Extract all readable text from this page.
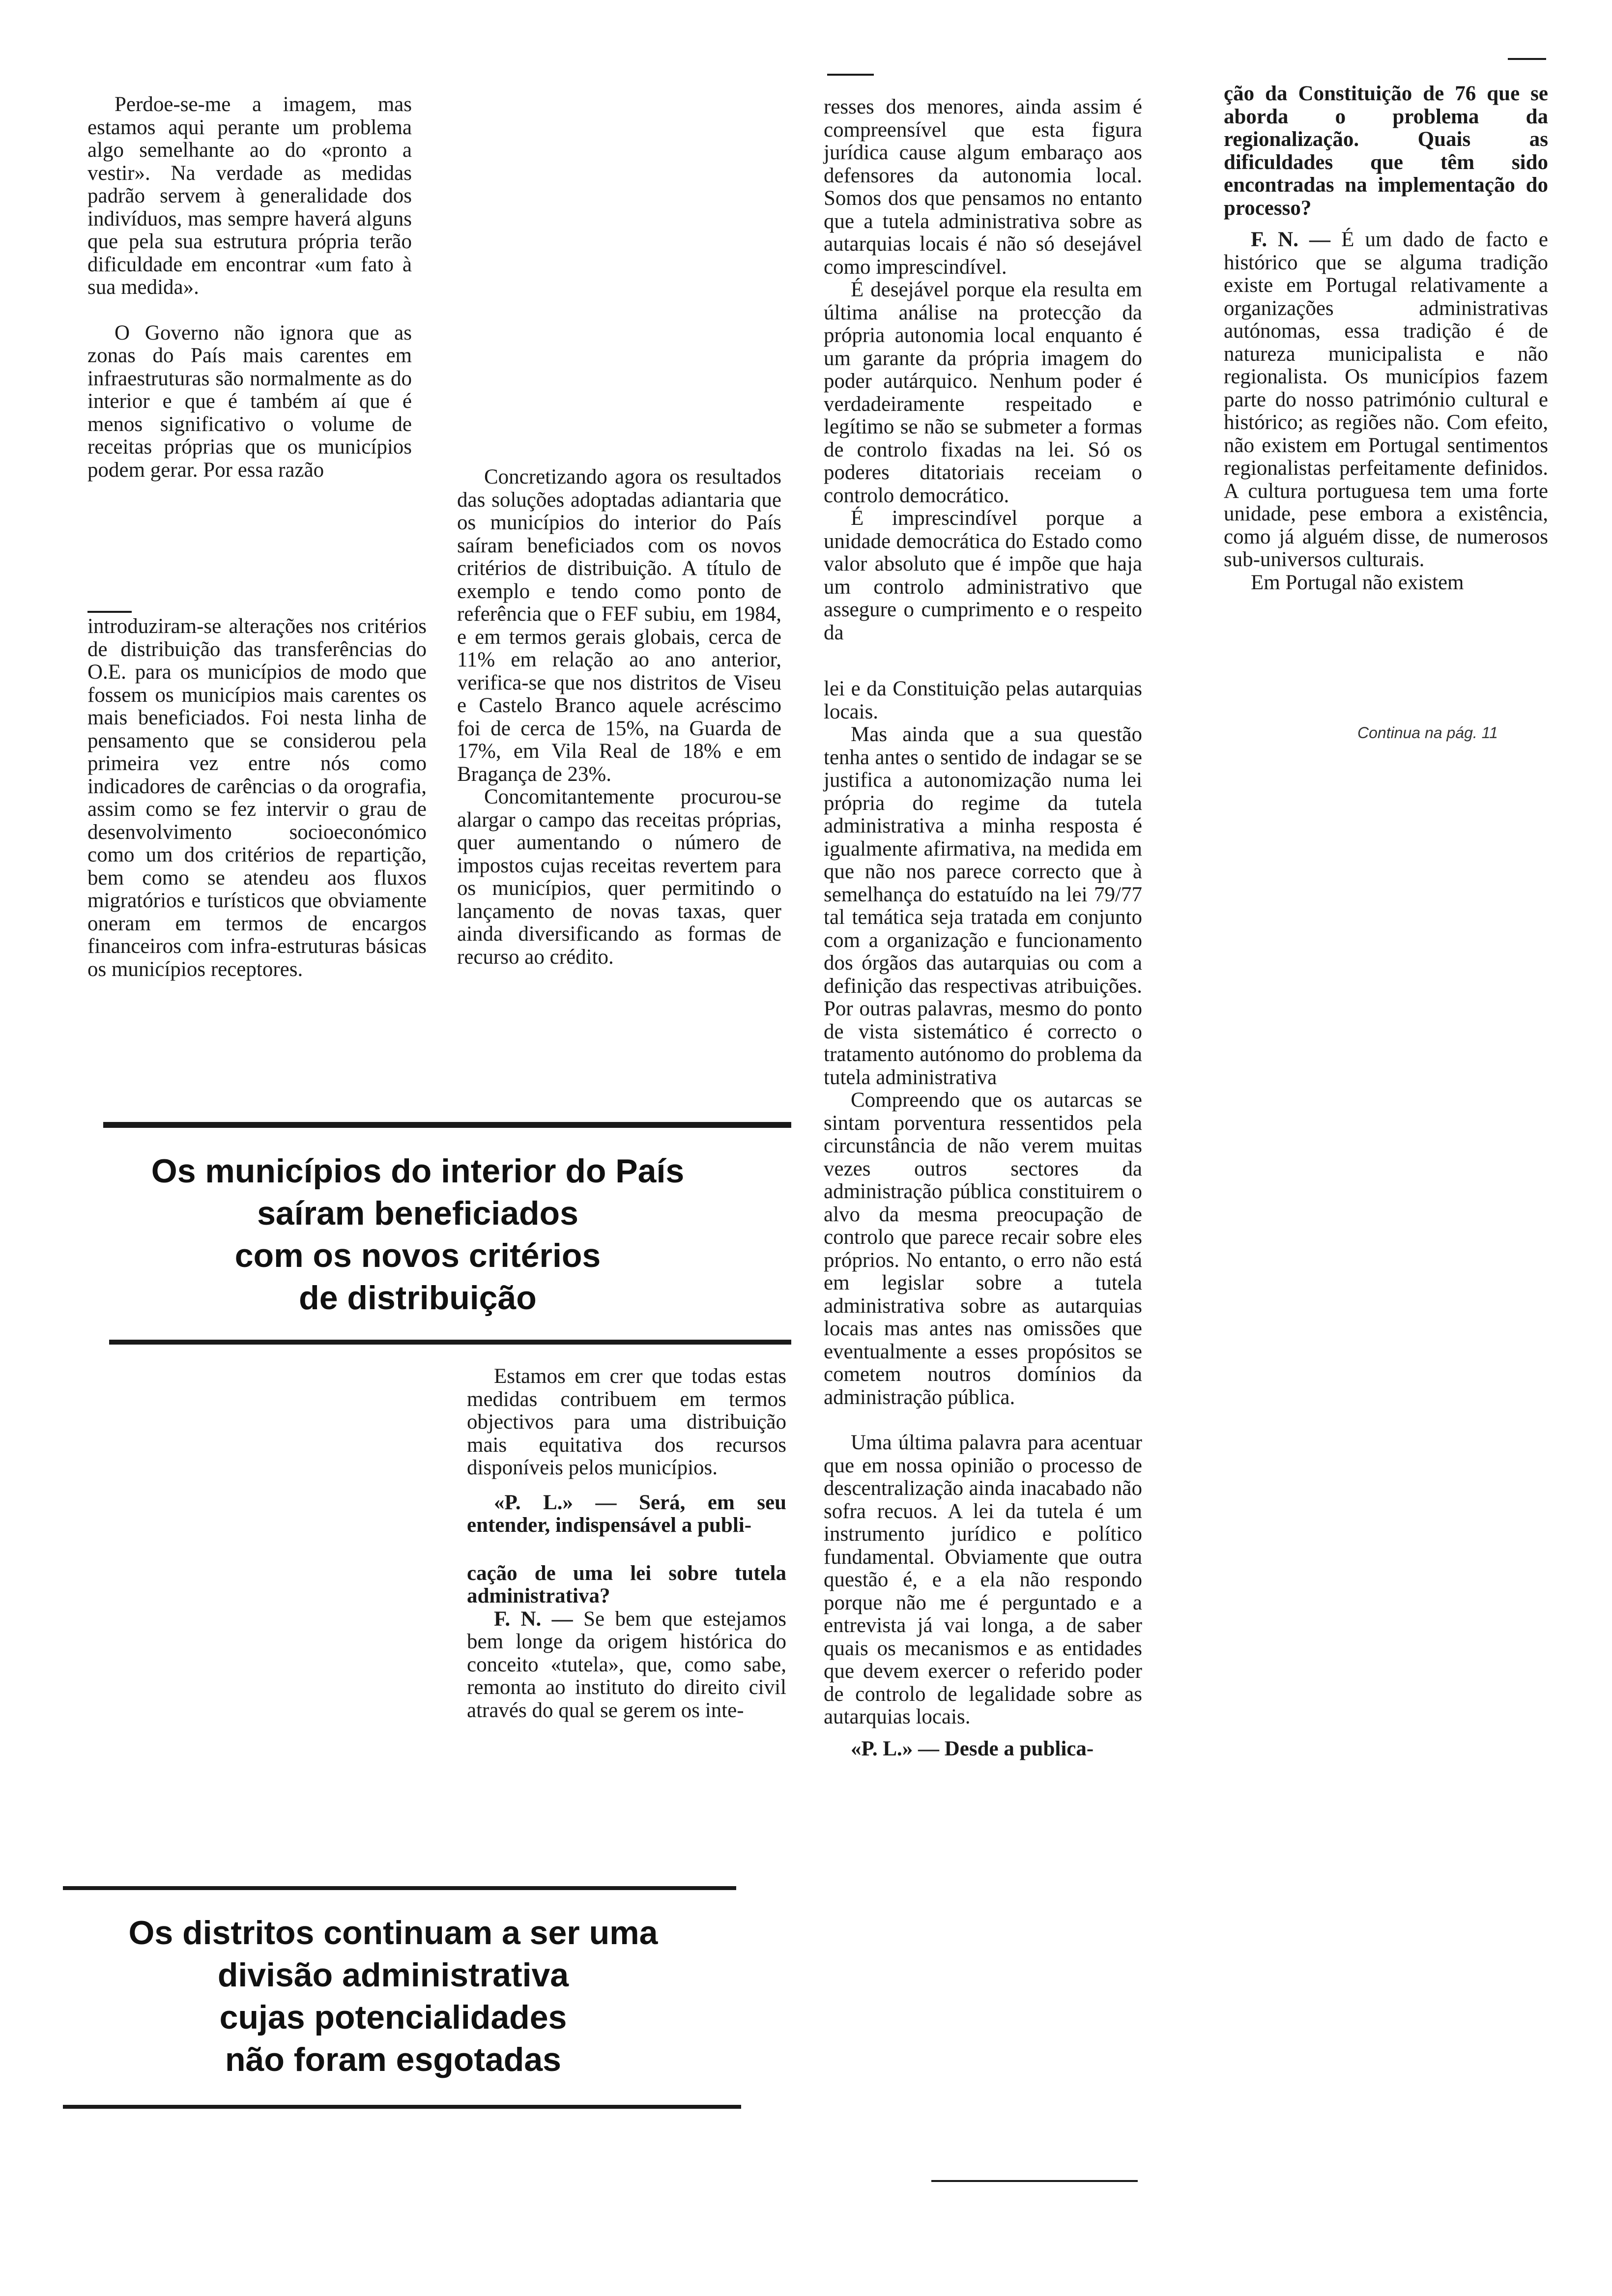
Perdoe-se-me a imagem, mas estamos aqui perante um problema algo semelhante ao do «pronto a vestir». Na verdade as medidas padrão servem à generalidade dos indivíduos, mas sempre haverá alguns que pela sua estrutura própria terão dificuldade em encontrar «um fato à sua medida».

O Governo não ignora que as zonas do País mais carentes em infraestruturas são normalmente as do interior e que é também aí que é menos significativo o volume de receitas próprias que os municípios podem gerar. Por essa razão

introduziram-se alterações nos critérios de distribuição das transferências do O.E. para os municípios de modo que fossem os municípios mais carentes os mais beneficiados. Foi nesta linha de pensamento que se considerou pela primeira vez entre nós como indicadores de carências o da orografia, assim como se fez intervir o grau de desenvolvimento socioeconómico como um dos critérios de repartição, bem como se atendeu aos fluxos migratórios e turísticos que obviamente oneram em termos de encargos financeiros com infra-estruturas básicas os municípios receptores.

Concretizando agora os resultados das soluções adoptadas adiantaria que os municípios do interior do País saíram beneficiados com os novos critérios de distribuição. A título de exemplo e tendo como ponto de referência que o FEF subiu, em 1984, e em termos gerais globais, cerca de 11% em relação ao ano anterior, verifica-se que nos distritos de Viseu e Castelo Branco aquele acréscimo foi de cerca de 15%, na Guarda de 17%, em Vila Real de 18% e em Bragança de 23%.

Concomitantemente procurou-se alargar o campo das receitas próprias, quer aumentando o número de impostos cujas receitas revertem para os municípios, quer permitindo o lançamento de novas taxas, quer ainda diversificando as formas de recurso ao crédito.

Os municípios do interior do País
saíram beneficiados
com os novos critérios
de distribuição

Estamos em crer que todas estas medidas contribuem em termos objectivos para uma distribuição mais equitativa dos recursos disponíveis pelos municípios.

«P. L.» — Será, em seu entender, indispensável a publi-

cação de uma lei sobre tutela administrativa?

F. N. — Se bem que estejamos bem longe da origem histórica do conceito «tutela», que, como sabe, remonta ao instituto do direito civil através do qual se gerem os inte-

Os distritos continuam a ser uma
divisão administrativa
cujas potencialidades
não foram esgotadas

resses dos menores, ainda assim é compreensível que esta figura jurídica cause algum embaraço aos defensores da autonomia local. Somos dos que pensamos no entanto que a tutela administrativa sobre as autarquias locais é não só desejável como imprescindível.

É desejável porque ela resulta em última análise na protecção da própria autonomia local enquanto é um garante da própria imagem do poder autárquico. Nenhum poder é verdadeiramente respeitado e legítimo se não se submeter a formas de controlo fixadas na lei. Só os poderes ditatoriais receiam o controlo democrático.

É imprescindível porque a unidade democrática do Estado como valor absoluto que é impõe que haja um controlo administrativo que assegure o cumprimento e o respeito da

lei e da Constituição pelas autarquias locais.

Mas ainda que a sua questão tenha antes o sentido de indagar se se justifica a autonomização numa lei própria do regime da tutela administrativa a minha resposta é igualmente afirmativa, na medida em que não nos parece correcto que à semelhança do estatuído na lei 79/77 tal temática seja tratada em conjunto com a organização e funcionamento dos órgãos das autarquias ou com a definição das respectivas atribuições. Por outras palavras, mesmo do ponto de vista sistemático é correcto o tratamento autónomo do problema da tutela administrativa

Compreendo que os autarcas se sintam porventura ressentidos pela circunstância de não verem muitas vezes outros sectores da administração pública constituirem o alvo da mesma preocupação de controlo que parece recair sobre eles próprios. No entanto, o erro não está em legislar sobre a tutela administrativa sobre as autarquias locais mas antes nas omissões que eventualmente a esses propósitos se cometem noutros domínios da administração pública.

Uma última palavra para acentuar que em nossa opinião o processo de descentralização ainda inacabado não sofra recuos. A lei da tutela é um instrumento jurídico e político fundamental. Obviamente que outra questão é, e a ela não respondo porque não me é perguntado e a entrevista já vai longa, a de saber quais os mecanismos e as entidades que devem exercer o referido poder de controlo de legalidade sobre as autarquias locais.

«P. L.» — Desde a publica-

ção da Constituição de 76 que se aborda o problema da regionalização. Quais as dificuldades que têm sido encontradas na implementação do processo?

F. N. — É um dado de facto e histórico que se alguma tradição existe em Portugal relativamente a organizações administrativas autónomas, essa tradição é de natureza municipalista e não regionalista. Os municípios fazem parte do nosso património cultural e histórico; as regiões não. Com efeito, não existem em Portugal sentimentos regionalistas perfeitamente definidos. A cultura portuguesa tem uma forte unidade, pese embora a existência, como já alguém disse, de numerosos sub-universos culturais.

Em Portugal não existem

Continua na pág. 11
